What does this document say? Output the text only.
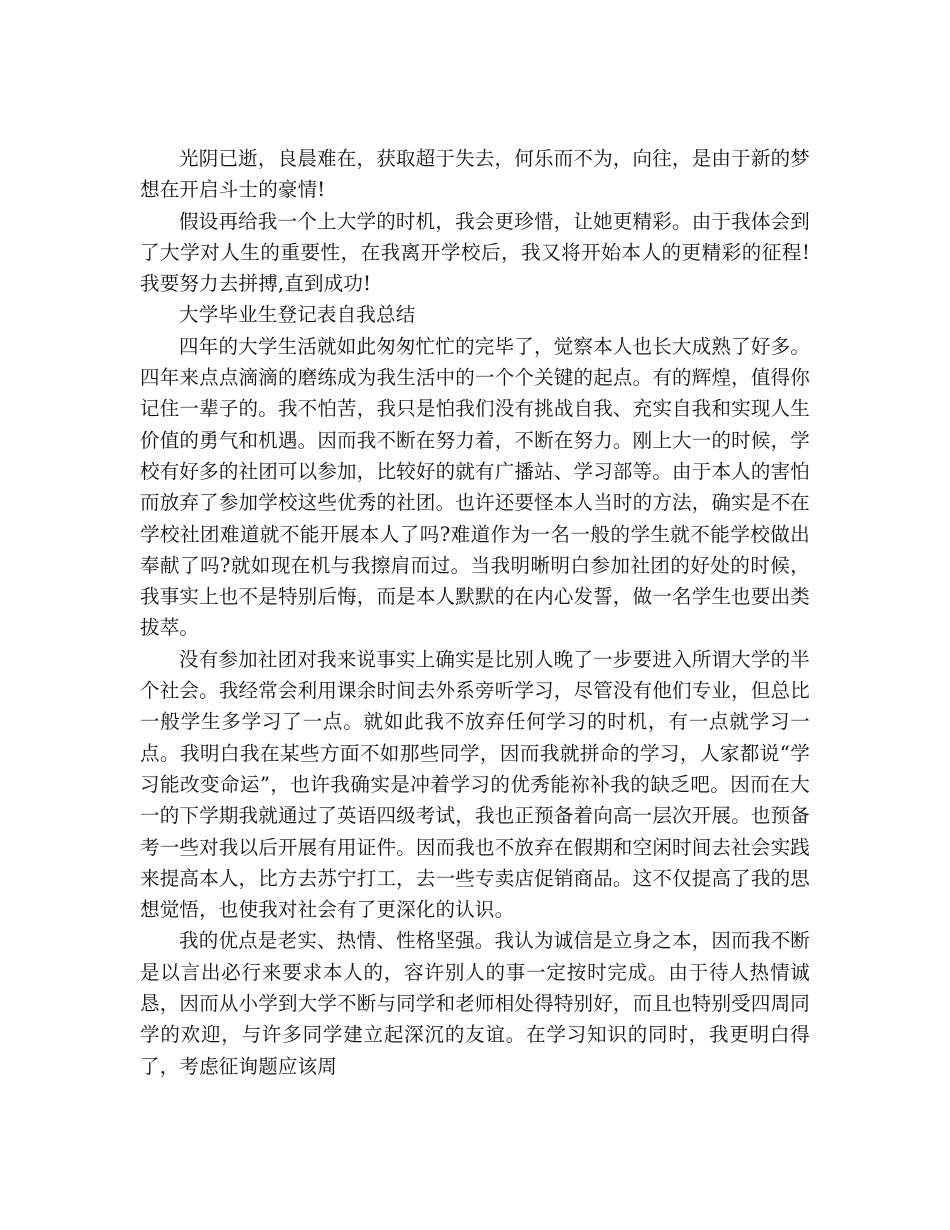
光阴已逝，良晨难在，获取超于失去，何乐而不为，向往，是由于新的梦想在开启斗士的豪情!

假设再给我一个上大学的时机，我会更珍惜，让她更精彩。由于我体会到了大学对人生的重要性，在我离开学校后，我又将开始本人的更精彩的征程!我要努力去拼搏,直到成功!

大学毕业生登记表自我总结

四年的大学生活就如此匆匆忙忙的完毕了，觉察本人也长大成熟了好多。四年来点点滴滴的磨练成为我生活中的一个个关键的起点。有的辉煌，值得你记住一辈子的。我不怕苦，我只是怕我们没有挑战自我、充实自我和实现人生价值的勇气和机遇。因而我不断在努力着，不断在努力。刚上大一的时候，学校有好多的社团可以参加，比较好的就有广播站、学习部等。由于本人的害怕而放弃了参加学校这些优秀的社团。也许还要怪本人当时的方法，确实是不在学校社团难道就不能开展本人了吗?难道作为一名一般的学生就不能学校做出奉献了吗?就如现在机与我擦肩而过。当我明晰明白参加社团的好处的时候，我事实上也不是特别后悔，而是本人默默的在内心发誓，做一名学生也要出类拔萃。

没有参加社团对我来说事实上确实是比别人晚了一步要进入所谓大学的半个社会。我经常会利用课余时间去外系旁听学习，尽管没有他们专业，但总比一般学生多学习了一点。就如此我不放弃任何学习的时机，有一点就学习一点。我明白我在某些方面不如那些同学，因而我就拼命的学习，人家都说“学习能改变命运”，也许我确实是冲着学习的优秀能祢补我的缺乏吧。因而在大一的下学期我就通过了英语四级考试，我也正预备着向高一层次开展。也预备考一些对我以后开展有用证件。因而我也不放弃在假期和空闲时间去社会实践来提高本人，比方去苏宁打工，去一些专卖店促销商品。这不仅提高了我的思想觉悟，也使我对社会有了更深化的认识。

我的优点是老实、热情、性格坚强。我认为诚信是立身之本，因而我不断是以言出必行来要求本人的，容许别人的事一定按时完成。由于待人热情诚恳，因而从小学到大学不断与同学和老师相处得特别好，而且也特别受四周同学的欢迎，与许多同学建立起深沉的友谊。在学习知识的同时，我更明白得了，考虑征询题应该周
